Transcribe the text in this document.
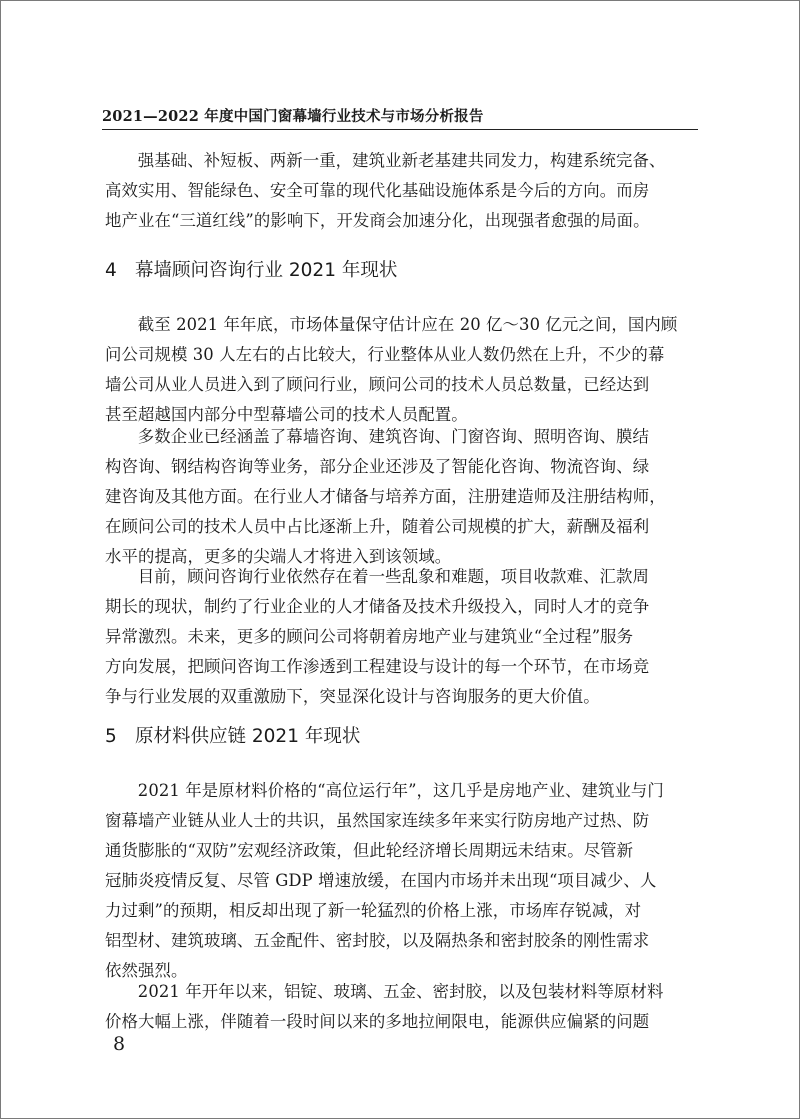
2021—2022 年度中国门窗幕墙行业技术与市场分析报告
强基础、补短板、两新一重，建筑业新老基建共同发力，构建系统完备、
高效实用、智能绿色、安全可靠的现代化基础设施体系是今后的方向。而房
地产业在“三道红线”的影响下，开发商会加速分化，出现强者愈强的局面。
4 幕墙顾问咨询行业 2021 年现状
截至 2021 年年底，市场体量保守估计应在 20 亿～30 亿元之间，国内顾
问公司规模 30 人左右的占比较大，行业整体从业人数仍然在上升，不少的幕
墙公司从业人员进入到了顾问行业，顾问公司的技术人员总数量，已经达到
甚至超越国内部分中型幕墙公司的技术人员配置。
多数企业已经涵盖了幕墙咨询、建筑咨询、门窗咨询、照明咨询、膜结
构咨询、钢结构咨询等业务，部分企业还涉及了智能化咨询、物流咨询、绿
建咨询及其他方面。在行业人才储备与培养方面，注册建造师及注册结构师，
在顾问公司的技术人员中占比逐渐上升，随着公司规模的扩大，薪酬及福利
水平的提高，更多的尖端人才将进入到该领域。
目前，顾问咨询行业依然存在着一些乱象和难题，项目收款难、汇款周
期长的现状，制约了行业企业的人才储备及技术升级投入，同时人才的竞争
异常激烈。未来，更多的顾问公司将朝着房地产业与建筑业“全过程”服务
方向发展，把顾问咨询工作渗透到工程建设与设计的每一个环节，在市场竞
争与行业发展的双重激励下，突显深化设计与咨询服务的更大价值。
5 原材料供应链 2021 年现状
2021 年是原材料价格的“高位运行年”，这几乎是房地产业、建筑业与门
窗幕墙产业链从业人士的共识，虽然国家连续多年来实行防房地产过热、防
通货膨胀的“双防”宏观经济政策，但此轮经济增长周期远未结束。尽管新
冠肺炎疫情反复、尽管 GDP 增速放缓，在国内市场并未出现“项目减少、人
力过剩”的预期，相反却出现了新一轮猛烈的价格上涨，市场库存锐减，对
铝型材、建筑玻璃、五金配件、密封胶，以及隔热条和密封胶条的刚性需求
依然强烈。
2021 年开年以来，铝锭、玻璃、五金、密封胶，以及包装材料等原材料
价格大幅上涨，伴随着一段时间以来的多地拉闸限电，能源供应偏紧的问题
8
